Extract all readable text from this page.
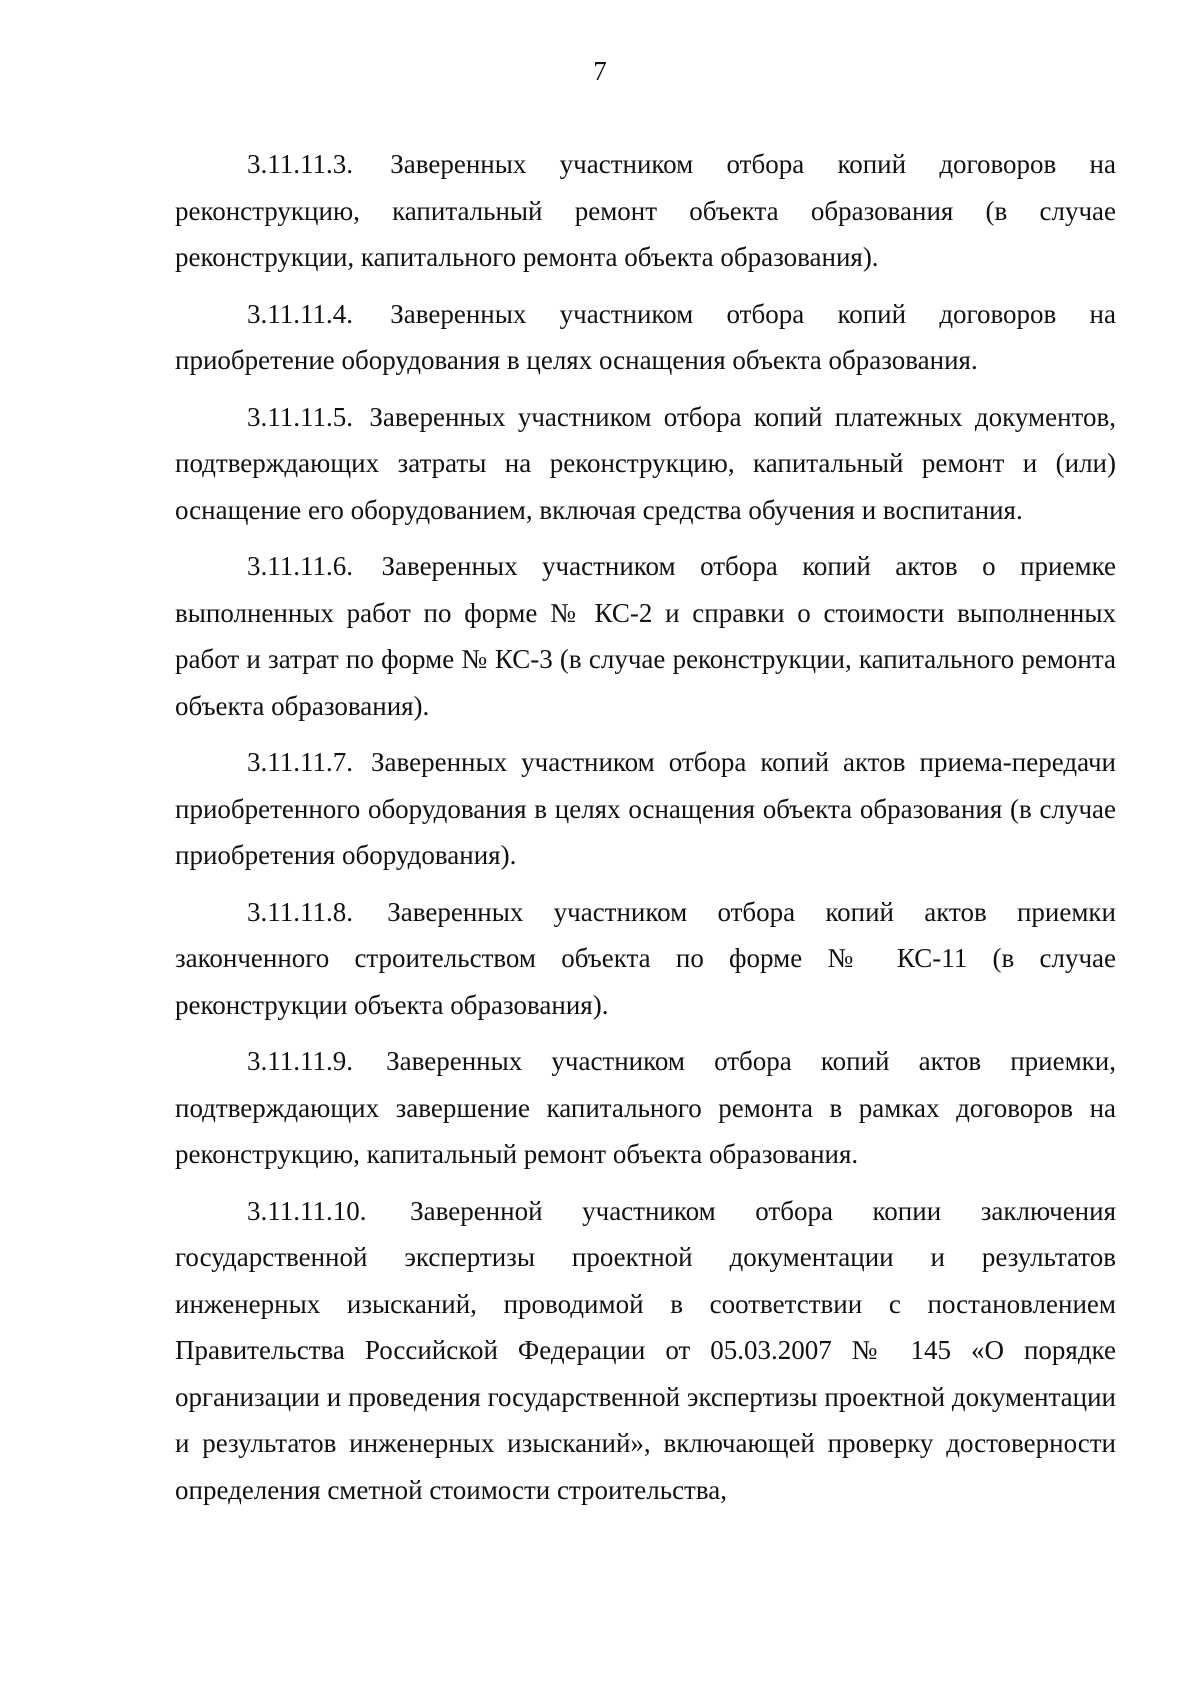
7

3.11.11.3. Заверенных участником отбора копий договоров на реконструкцию, капитальный ремонт объекта образования (в случае реконструкции, капитального ремонта объекта образования).

3.11.11.4. Заверенных участником отбора копий договоров на приобретение оборудования в целях оснащения объекта образования.

3.11.11.5. Заверенных участником отбора копий платежных документов, подтверждающих затраты на реконструкцию, капитальный ремонт и (или) оснащение его оборудованием, включая средства обучения и воспитания.

3.11.11.6. Заверенных участником отбора копий актов о приемке выполненных работ по форме № КС-2 и справки о стоимости выполненных работ и затрат по форме № КС-3 (в случае реконструкции, капитального ремонта объекта образования).

3.11.11.7. Заверенных участником отбора копий актов приема-передачи приобретенного оборудования в целях оснащения объекта образования (в случае приобретения оборудования).

3.11.11.8. Заверенных участником отбора копий актов приемки законченного строительством объекта по форме № КС-11 (в случае реконструкции объекта образования).

3.11.11.9. Заверенных участником отбора копий актов приемки, подтверждающих завершение капитального ремонта в рамках договоров на реконструкцию, капитальный ремонт объекта образования.

3.11.11.10. Заверенной участником отбора копии заключения государственной экспертизы проектной документации и результатов инженерных изысканий, проводимой в соответствии с постановлением Правительства Российской Федерации от 05.03.2007 № 145 «О порядке организации и проведения государственной экспертизы проектной документации и результатов инженерных изысканий», включающей проверку достоверности определения сметной стоимости строительства,
